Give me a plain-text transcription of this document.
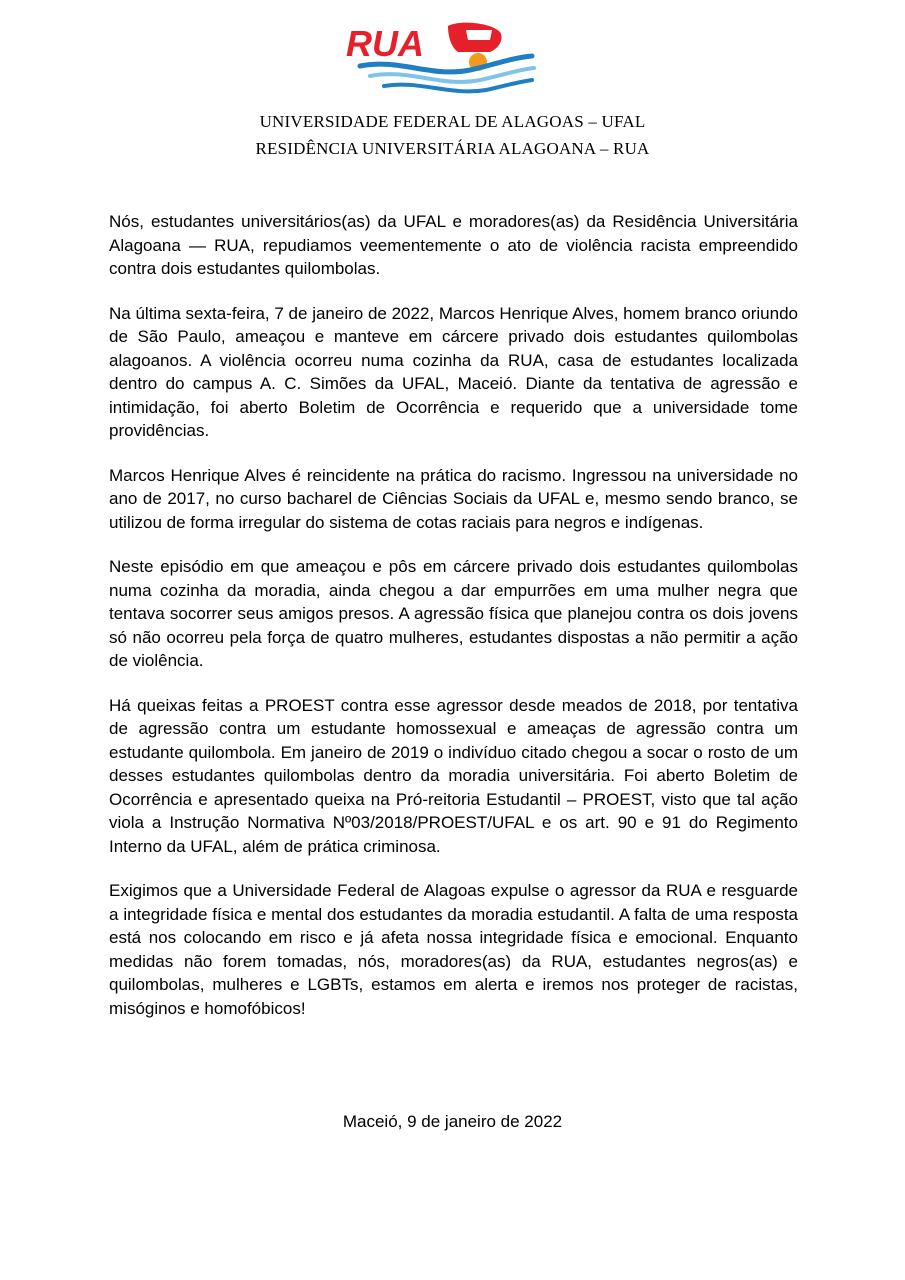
RUA
UNIVERSIDADE FEDERAL DE ALAGOAS – UFAL
RESIDÊNCIA UNIVERSITÁRIA ALAGOANA – RUA

Nós, estudantes universitários(as) da UFAL e moradores(as) da Residência Universitária Alagoana — RUA, repudiamos veementemente o ato de violência racista empreendido contra dois estudantes quilombolas.

Na última sexta-feira, 7 de janeiro de 2022, Marcos Henrique Alves, homem branco oriundo de São Paulo, ameaçou e manteve em cárcere privado dois estudantes quilombolas alagoanos. A violência ocorreu numa cozinha da RUA, casa de estudantes localizada dentro do campus A. C. Simões da UFAL, Maceió. Diante da tentativa de agressão e intimidação, foi aberto Boletim de Ocorrência e requerido que a universidade tome providências.

Marcos Henrique Alves é reincidente na prática do racismo. Ingressou na universidade no ano de 2017, no curso bacharel de Ciências Sociais da UFAL e, mesmo sendo branco, se utilizou de forma irregular do sistema de cotas raciais para negros e indígenas.

Neste episódio em que ameaçou e pôs em cárcere privado dois estudantes quilombolas numa cozinha da moradia, ainda chegou a dar empurrões em uma mulher negra que tentava socorrer seus amigos presos. A agressão física que planejou contra os dois jovens só não ocorreu pela força de quatro mulheres, estudantes dispostas a não permitir a ação de violência.

Há queixas feitas a PROEST contra esse agressor desde meados de 2018, por tentativa de agressão contra um estudante homossexual e ameaças de agressão contra um estudante quilombola. Em janeiro de 2019 o indivíduo citado chegou a socar o rosto de um desses estudantes quilombolas dentro da moradia universitária. Foi aberto Boletim de Ocorrência e apresentado queixa na Pró-reitoria Estudantil – PROEST, visto que tal ação viola a Instrução Normativa Nº03/2018/PROEST/UFAL e os art. 90 e 91 do Regimento Interno da UFAL, além de prática criminosa.

Exigimos que a Universidade Federal de Alagoas expulse o agressor da RUA e resguarde a integridade física e mental dos estudantes da moradia estudantil. A falta de uma resposta está nos colocando em risco e já afeta nossa integridade física e emocional. Enquanto medidas não forem tomadas, nós, moradores(as) da RUA, estudantes negros(as) e quilombolas, mulheres e LGBTs, estamos em alerta e iremos nos proteger de racistas, misóginos e homofóbicos!

Maceió, 9 de janeiro de 2022
